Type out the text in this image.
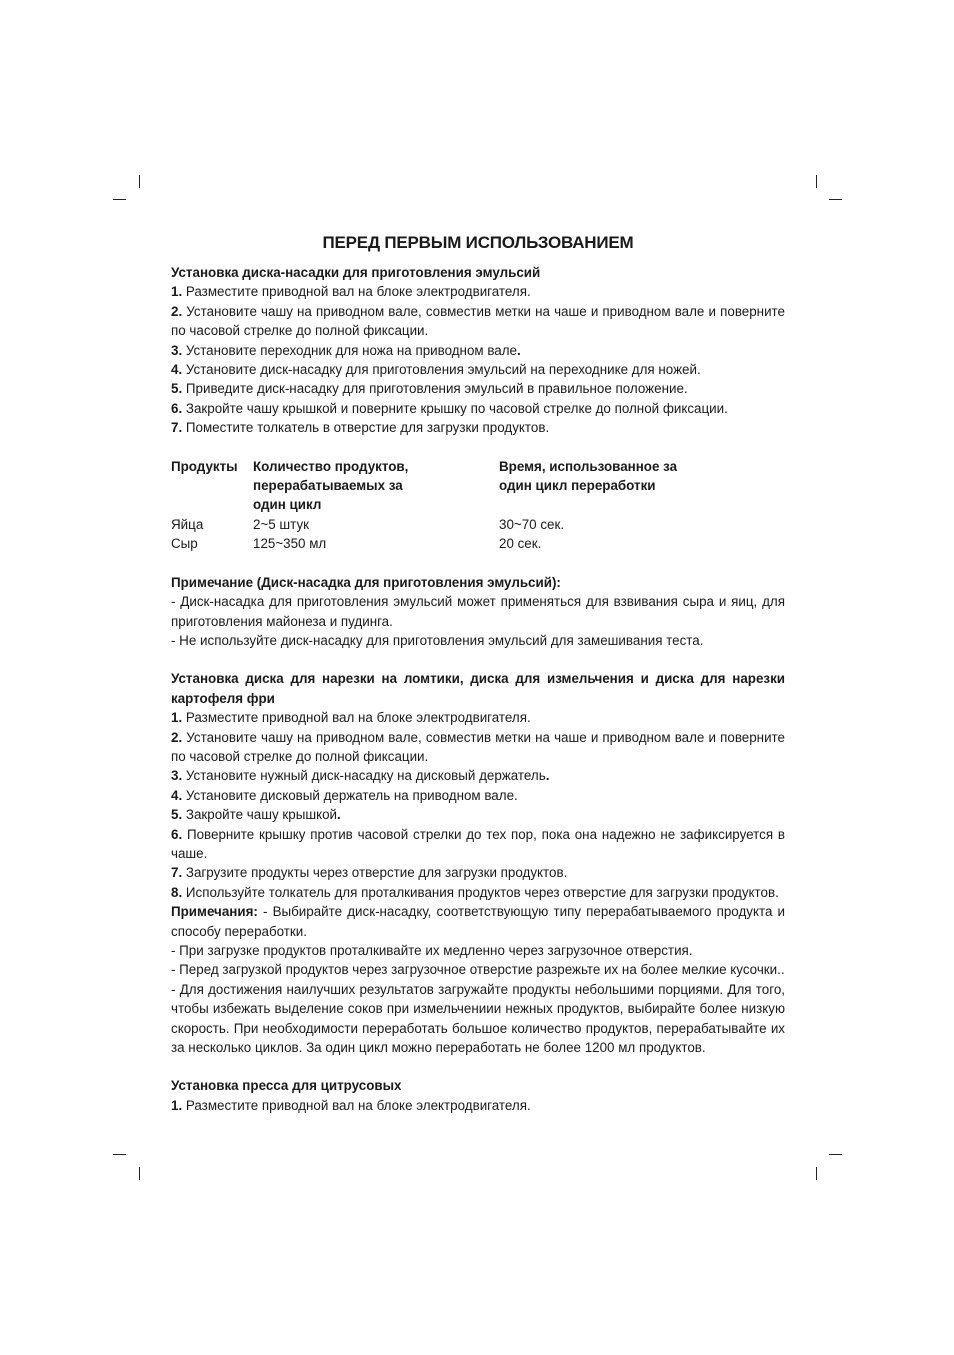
ПЕРЕД ПЕРВЫМ ИСПОЛЬЗОВАНИЕМ

Установка диска-насадки для приготовления эмульсий

1. Разместите приводной вал на блоке электродвигателя.

2. Установите чашу на приводном вале, совместив метки на чаше и приводном вале и поверните по часовой стрелке до полной фиксации.

3. Установите переходник для ножа на приводном вале.

4. Установите диск-насадку для приготовления эмульсий на переходнике для ножей.

5. Приведите диск-насадку для приготовления эмульсий в правильное положение.

6. Закройте чашу крышкой и поверните крышку по часовой стрелке до полной фиксации.

7. Поместите толкатель в отверстие для загрузки продуктов.

Продукты	Количество продуктов, перерабатываемых за один цикл	Время, использованное за один цикл переработки

Яйца	2~5 штук	30~70 сек.
Сыр	125~350 мл	20 сек.

Примечание (Диск-насадка для приготовления эмульсий):

- Диск-насадка для приготовления эмульсий может применяться для взвивания сыра и яиц, для приготовления майонеза и пудинга.

- Не используйте диск-насадку для приготовления эмульсий для замешивания теста.

Установка диска для нарезки на ломтики, диска для измельчения и диска для нарезки картофеля фри

1. Разместите приводной вал на блоке электродвигателя.

2. Установите чашу на приводном вале, совместив метки на чаше и приводном вале и поверните по часовой стрелке до полной фиксации.

3. Установите нужный диск-насадку на дисковый держатель.

4. Установите дисковый держатель на приводном вале.

5. Закройте чашу крышкой.

6. Поверните крышку против часовой стрелки до тех пор, пока она надежно не зафиксируется в чаше.

7. Загрузите продукты через отверстие для загрузки продуктов.

8. Используйте толкатель для проталкивания продуктов через отверстие для загрузки продуктов.

Примечания: - Выбирайте диск-насадку, соответствующую типу перерабатываемого продукта и способу переработки.

- При загрузке продуктов проталкивайте их медленно через загрузочное отверстия.

- Перед загрузкой продуктов через загрузочное отверстие разрежьте их на более мелкие кусочки..

- Для достижения наилучших результатов загружайте продукты небольшими порциями. Для того, чтобы избежать выделение соков при измельчениии нежных продуктов, выбирайте более низкую скорость. При необходимости переработать большое количество продуктов, перерабатывайте их за несколько циклов. За один цикл можно переработать не более 1200 мл продуктов.

Установка пресса для цитрусовых

1. Разместите приводной вал на блоке электродвигателя.
